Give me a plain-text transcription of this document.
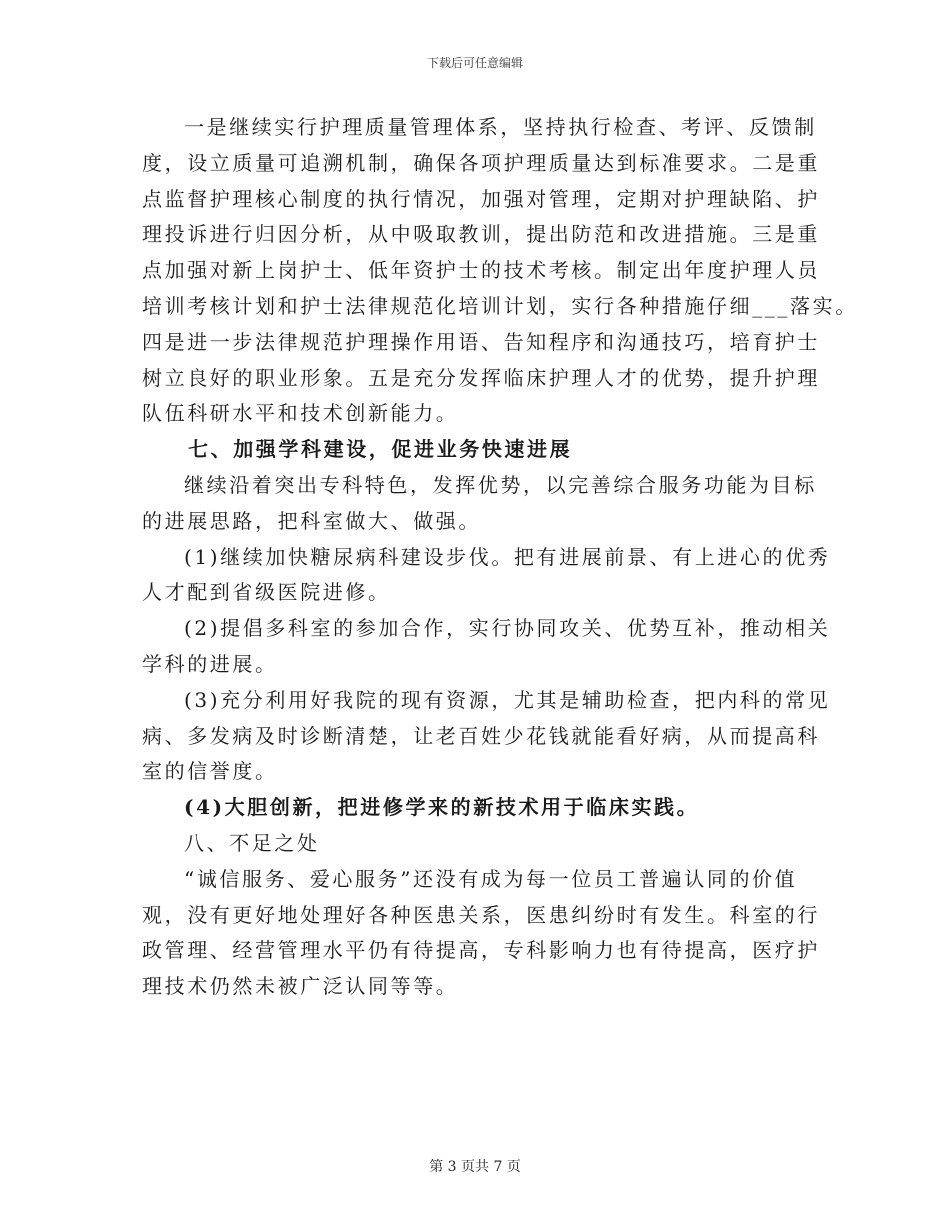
下载后可任意编辑
一是继续实行护理质量管理体系，坚持执行检查、考评、反馈制
度，设立质量可追溯机制，确保各项护理质量达到标准要求。二是重
点监督护理核心制度的执行情况，加强对管理，定期对护理缺陷、护
理投诉进行归因分析，从中吸取教训，提出防范和改进措施。三是重
点加强对新上岗护士、低年资护士的技术考核。制定出年度护理人员
培训考核计划和护士法律规范化培训计划，实行各种措施仔细___落实。
四是进一步法律规范护理操作用语、告知程序和沟通技巧，培育护士
树立良好的职业形象。五是充分发挥临床护理人才的优势，提升护理
队伍科研水平和技术创新能力。
七、加强学科建设，促进业务快速进展
继续沿着突出专科特色，发挥优势，以完善综合服务功能为目标
的进展思路，把科室做大、做强。
(1)继续加快糖尿病科建设步伐。把有进展前景、有上进心的优秀
人才配到省级医院进修。
(2)提倡多科室的参加合作，实行协同攻关、优势互补，推动相关
学科的进展。
(3)充分利用好我院的现有资源，尤其是辅助检查，把内科的常见
病、多发病及时诊断清楚，让老百姓少花钱就能看好病，从而提高科
室的信誉度。
(4)大胆创新，把进修学来的新技术用于临床实践。
八、不足之处
“诚信服务、爱心服务”还没有成为每一位员工普遍认同的价值
观，没有更好地处理好各种医患关系，医患纠纷时有发生。科室的行
政管理、经营管理水平仍有待提高，专科影响力也有待提高，医疗护
理技术仍然未被广泛认同等等。
第 3 页共 7 页
